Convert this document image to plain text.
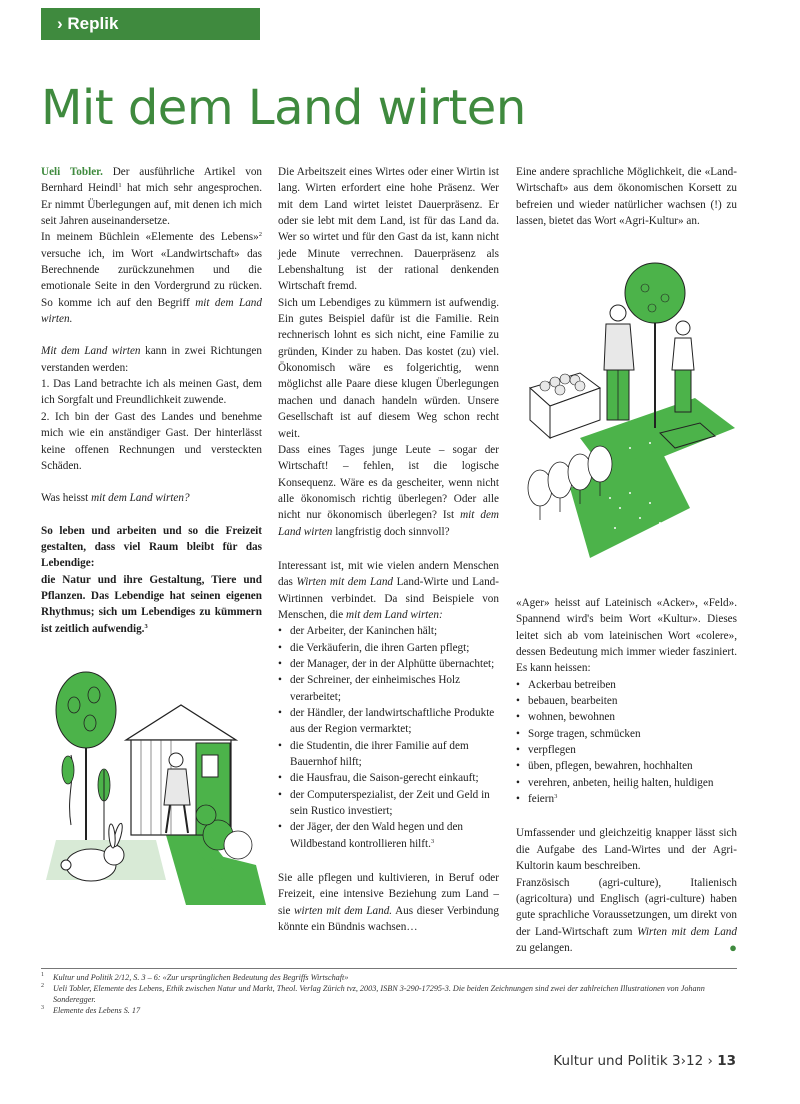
› Replik
Mit dem Land wirten

Ueli Tobler. Der ausführliche Artikel von Bernhard Heindl$^1$ hat mich sehr angesprochen. Er nimmt Überlegungen auf, mit denen ich mich seit Jahren auseinandersetze.

In meinem Büchlein «Elemente des Lebens»$^2$ versuche ich, im Wort «Landwirtschaft» das Berechnende zurückzunehmen und die emotionale Seite in den Vordergrund zu rücken. So komme ich auf den Begriff mit dem Land wirten.

Mit dem Land wirten kann in zwei Richtungen verstanden werden:

1. Das Land betrachte ich als meinen Gast, dem ich Sorgfalt und Freundlichkeit zuwende.

2. Ich bin der Gast des Landes und benehme mich wie ein anständiger Gast. Der hinterlässt keine offenen Rechnungen und versteckten Schäden.

Was heisst mit dem Land wirten?

So leben und arbeiten und so die Freizeit gestalten, dass viel Raum bleibt für das Lebendige:

die Natur und ihre Gestaltung, Tiere und Pflanzen. Das Lebendige hat seinen eigenen Rhythmus; sich um Lebendiges zu kümmern ist zeitlich aufwendig.$^3$

Die Arbeitszeit eines Wirtes oder einer Wirtin ist lang. Wirten erfordert eine hohe Präsenz. Wer mit dem Land wirtet leistet Dauerpräsenz. Er oder sie lebt mit dem Land, ist für das Land da. Wer so wirtet und für den Gast da ist, kann nicht jede Minute verrechnen. Dauerpräsenz als Lebenshaltung ist der rational denkenden Wirtschaft fremd.

Sich um Lebendiges zu kümmern ist aufwendig. Ein gutes Beispiel dafür ist die Familie. Rein rechnerisch lohnt es sich nicht, eine Familie zu gründen, Kinder zu haben. Das kostet (zu) viel. Ökonomisch wäre es folgerichtig, wenn möglichst alle Paare diese klugen Überlegungen machen und danach handeln würden. Unsere Gesellschaft ist auf diesem Weg schon recht weit.

Dass eines Tages junge Leute – sogar der Wirtschaft! – fehlen, ist die logische Konsequenz. Wäre es da gescheiter, wenn nicht alle ökonomisch richtig überlegen? Oder alle nicht nur ökonomisch überlegen? Ist mit dem Land wirten langfristig doch sinnvoll?

Interessant ist, mit wie vielen andern Menschen das Wirten mit dem Land Land-Wirte und Land-Wirtinnen verbindet. Da sind Beispiele von Menschen, die mit dem Land wirten:

• der Arbeiter, der Kaninchen hält;
• die Verkäuferin, die ihren Garten pflegt;
• der Manager, der in der Alphütte übernachtet;
• der Schreiner, der einheimisches Holz verarbeitet;
• der Händler, der landwirtschaftliche Produkte aus der Region vermarktet;
• die Studentin, die ihrer Familie auf dem Bauernhof hilft;
• die Hausfrau, die Saison-gerecht einkauft;
• der Computerspezialist, der Zeit und Geld in sein Rustico investiert;
• der Jäger, der den Wald hegen und den Wildbestand kontrollieren hilft.$^3$

Sie alle pflegen und kultivieren, in Beruf oder Freizeit, eine intensive Beziehung zum Land – sie wirten mit dem Land. Aus dieser Verbindung könnte ein Bündnis wachsen…

Eine andere sprachliche Möglichkeit, die «Land-Wirtschaft» aus dem ökonomischen Korsett zu befreien und wieder natürlicher wachsen (!) zu lassen, bietet das Wort «Agri-Kultur» an.

«Ager» heisst auf Lateinisch «Acker», «Feld». Spannend wird's beim Wort «Kultur». Dieses leitet sich ab vom lateinischen Wort «colere», dessen Bedeutung mich immer wieder fasziniert. Es kann heissen:

• Ackerbau betreiben
• bebauen, bearbeiten
• wohnen, bewohnen
• Sorge tragen, schmücken
• verpflegen
• üben, pflegen, bewahren, hochhalten
• verehren, anbeten, heilig halten, huldigen
• feiern$^3$

Umfassender und gleichzeitig knapper lässt sich die Aufgabe des Land-Wirtes und der Agri-Kultorin kaum beschreiben.

Französisch (agri-culture), Italienisch (agricoltura) und Englisch (agri-culture) haben gute sprachliche Voraussetzungen, um direkt von der Land-Wirtschaft zum Wirten mit dem Land zu gelangen.	●

1 Kultur und Politik 2/12, S. 3 – 6: «Zur ursprünglichen Bedeutung des Begriffs Wirtschaft»
2 Ueli Tobler, Elemente des Lebens, Ethik zwischen Natur und Markt, Theol. Verlag Zürich tvz, 2003, ISBN 3-290-17295-3. Die beiden Zeichnungen sind zwei der zahlreichen Illustrationen von Johann Sonderegger.
3 Elemente des Lebens S. 17
Kultur und Politik 3›12 › 13
